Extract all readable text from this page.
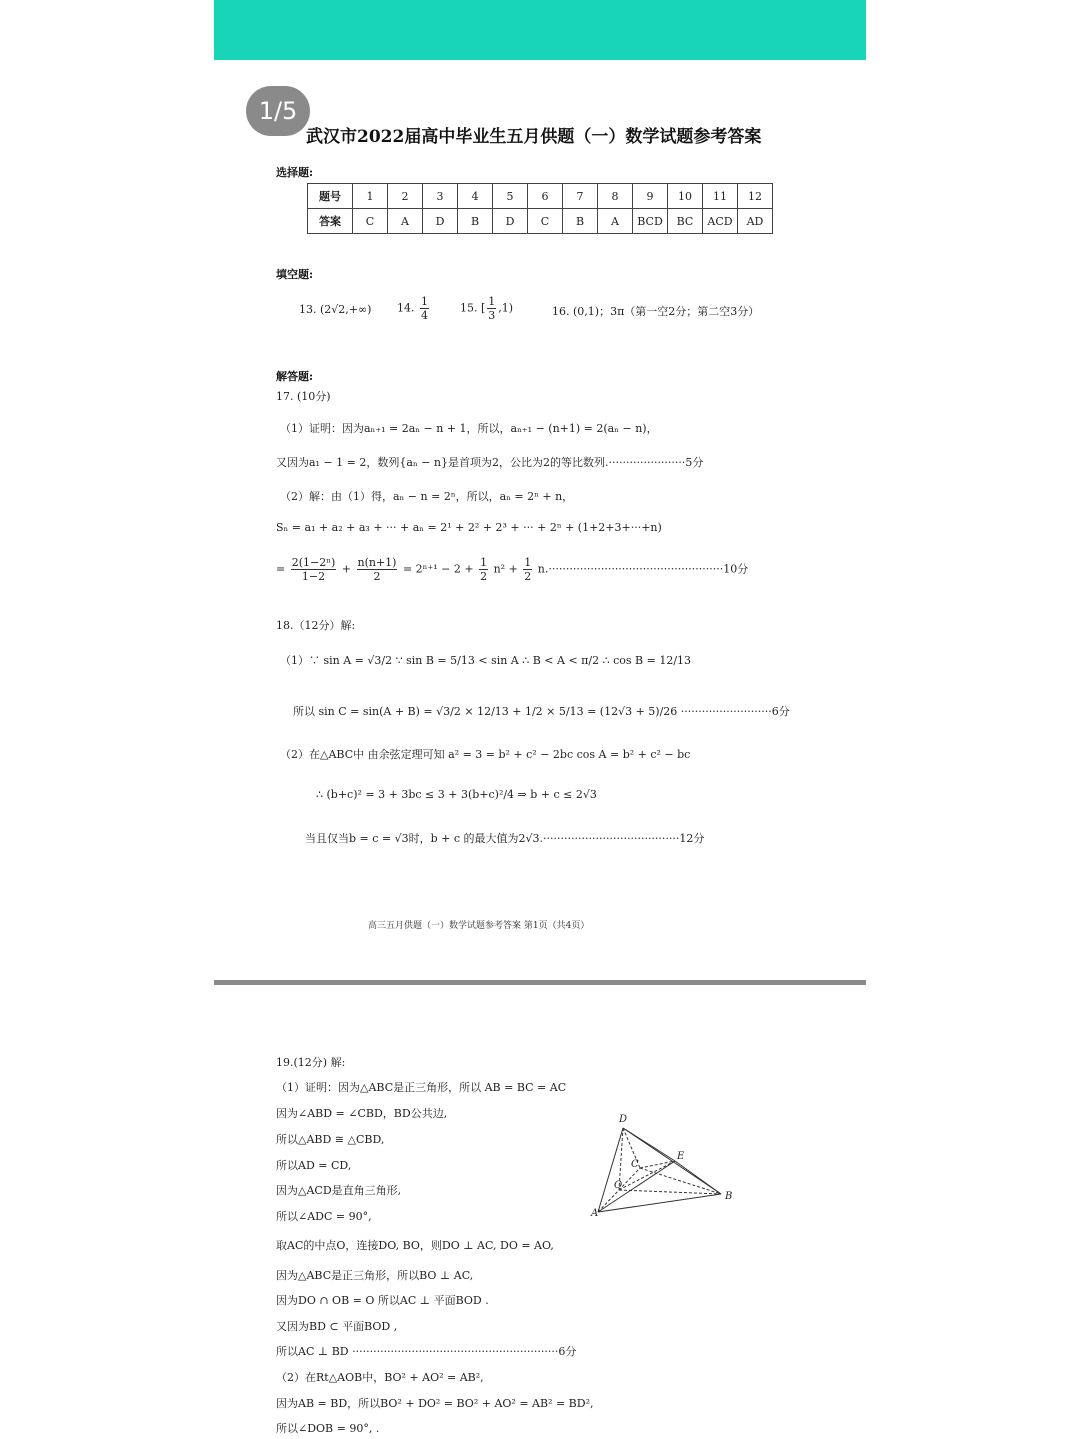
1/5
武汉市2022届高中毕业生五月供题（一）数学试题参考答案
选择题:
题号	1	2	3	4	5	6	7	8	9	10	11	12
答案	C	A	D	B	D	C	B	A	BCD	BC	ACD	AD
填空题:
13. (2√2,+∞) 14. $\frac{1}{4}$	15. [ $\frac{1}{3} ,1$)	16. (0,1)；3π（第一空2分；第二空3分）
解答题:
17. (10分)
（1）证明：因为aₙ₊₁ = 2aₙ − n + 1，所以，aₙ₊₁ − (n+1) = 2(aₙ − n)，
又因为a₁ − 1 = 2，数列{aₙ − n}是首项为2，公比为2的等比数列.······················5分
（2）解：由（1）得，aₙ − n = 2ⁿ，所以，aₙ = 2ⁿ + n，
Sₙ = a₁ + a₂ + a₃ + ··· + aₙ = 2¹ + 2² + 2³ + ··· + 2ⁿ + (1+2+3+···+n)
= $\frac{\text{2(1−2ⁿ)}}{1-2} + \frac{n(n+1)}{2} = 2^{n+1} - 2 + \frac{1}{2} n^2 + \frac{1}{2} n.\cdot\cdot\cdot\cdot\cdot\cdot\cdot\cdot\cdot\cdot\cdot\cdot\cdot\cdot\cdot\cdot\cdot\cdot\cdot\cdot\cdot\cdot\cdot\cdot\cdot\cdot\cdot\cdot\cdot\cdot\cdot\cdot\cdot\cdot\cdot\cdot\cdot\cdot\cdot\cdot\cdot\cdot\cdot\cdot\cdot\cdot\cdot\cdot\cdot\cdot 10$分
18.（12分）解:
（1）∵ sin A = √3/2 ∵ sin B = 5/13 < sin A ∴ B < A < π/2 ∴ cos B = 12/13
所以 sin C = sin(A + B) = √3/2 × 12/13 + 1/2 × 5/13 = (12√3 + 5)/26 ··························6分
（2）在△ABC中 由余弦定理可知 a² = 3 = b² + c² − 2bc cos A = b² + c² − bc
∴ (b+c)² = 3 + 3bc ≤ 3 + 3(b+c)²/4 ⇒ b + c ≤ 2√3
当且仅当b = c = √3时，b + c 的最大值为2√3.·······································12分
高三五月供题（一）数学试题参考答案 第1页（共4页）
19.(12分) 解:
（1）证明：因为△ABC是正三角形，所以 AB = BC = AC
因为∠ABD = ∠CBD，BD公共边,
所以△ABD ≅ △CBD,
所以AD = CD,
因为△ACD是直角三角形,
所以∠ADC = 90°,
取AC的中点O，连接DO, BO，则DO ⊥ AC, DO = AO,
因为△ABC是正三角形，所以BO ⊥ AC,
因为DO ∩ OB = O 所以AC ⊥ 平面BOD .
又因为BD ⊂ 平面BOD ,
所以AC ⊥ BD ···························································6分
（2）在Rt△AOB中，BO² + AO² = AB²,
因为AB = BD，所以BO² + DO² = BO² + AO² = AB² = BD²,
所以∠DOB = 90°, .
D
E
C
O
A
B
